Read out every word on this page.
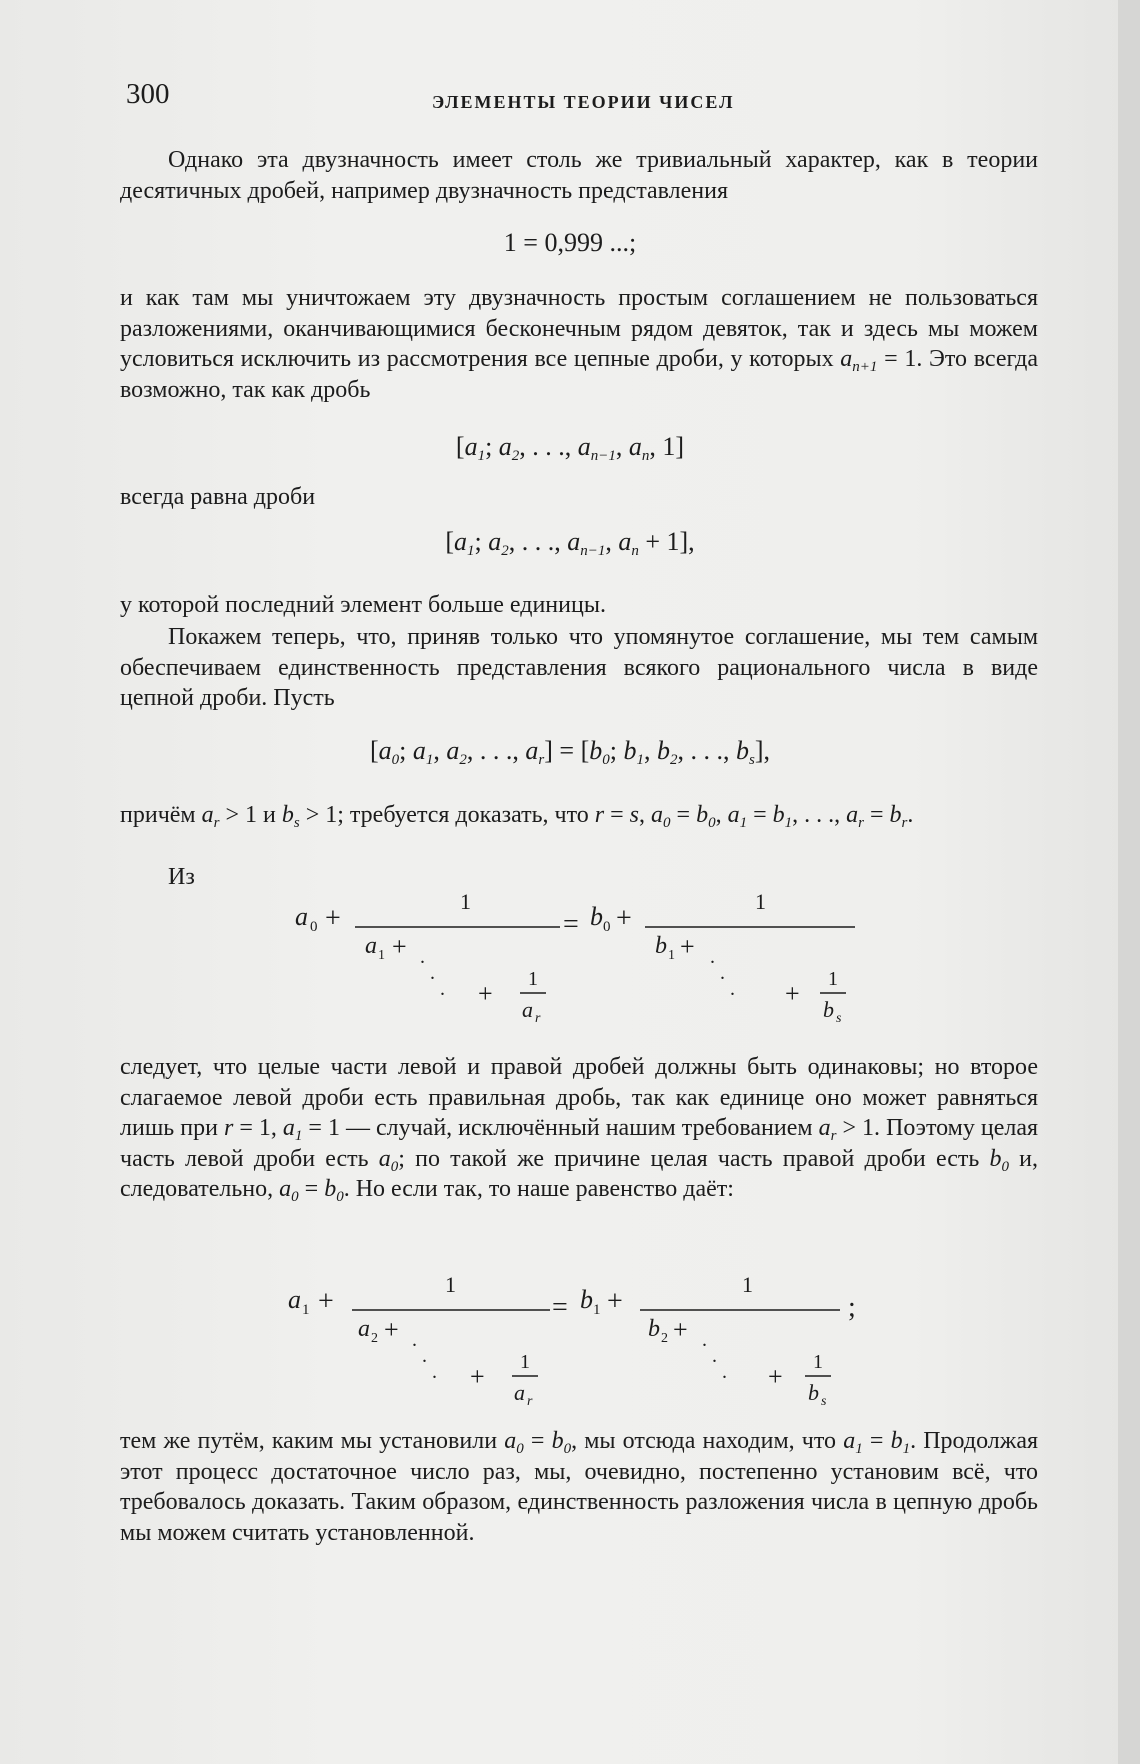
300	ЭЛЕМЕНТЫ ТЕОРИИ ЧИСЕЛ
Однако эта двузначность имеет столь же тривиальный характер, как в теории десятичных дробей, например двузначность представления
1 = 0,999 ...;
и как там мы уничтожаем эту двузначность простым соглашением не пользоваться разложениями, оканчивающимися бесконечным рядом девяток, так и здесь мы можем условиться исключить из рассмотрения все цепные дроби, у которых $a_{n+1} = 1$. Это всегда возможно, так как дробь
[$a_1$; $a_2$, . . ., $a_{n-1}$, $a_n$, 1]
всегда равна дроби
[$a_1$; $a_2$, . . ., $a_{n-1}$, $a_n + 1$],
у которой последний элемент больше единицы.
Покажем теперь, что, приняв только что упомянутое соглашение, мы тем самым обеспечиваем единственность представления всякого рационального числа в виде цепной дроби. Пусть
[$a_0$; $a_1$, $a_2$, . . ., $a_r] = [b_0$; $b_1$, $b_2$, . . ., $b_s$],
причём $a_r > 1$ и $b_s > 1$; требуется доказать, что r = s, $a_0 = b_0$, $a_1 = b_1$, . . ., $a_r = b_r$.
Из
a 0 +
1
a 1 + .
.
. + 1
a r
= b 0 +
1
b 1 + .
.
. + 1
b s
следует, что целые части левой и правой дробей должны быть одинаковы; но второе слагаемое левой дроби есть правильная дробь, так как единице оно может равняться лишь при r = 1, $a_1 = 1$ — случай, исключённый нашим требованием $a_r > 1$. Поэтому целая часть левой дроби есть $a_0$; по такой же причине целая часть правой дроби есть $b_0$ и, следовательно, $a_0 = b_0$. Но если так, то наше равенство даёт:
a 1 +
1
a 2 + .
.
. + 1
a r
= b 1 +
1
b 2 + .
.
. + 1
b s
;
тем же путём, каким мы установили $a_0 = b_0$, мы отсюда находим, что $a_1 = b_1$. Продолжая этот процесс достаточное число раз, мы, очевидно, постепенно установим всё, что требовалось доказать. Таким образом, единственность разложения числа в цепную дробь мы можем считать установленной.
